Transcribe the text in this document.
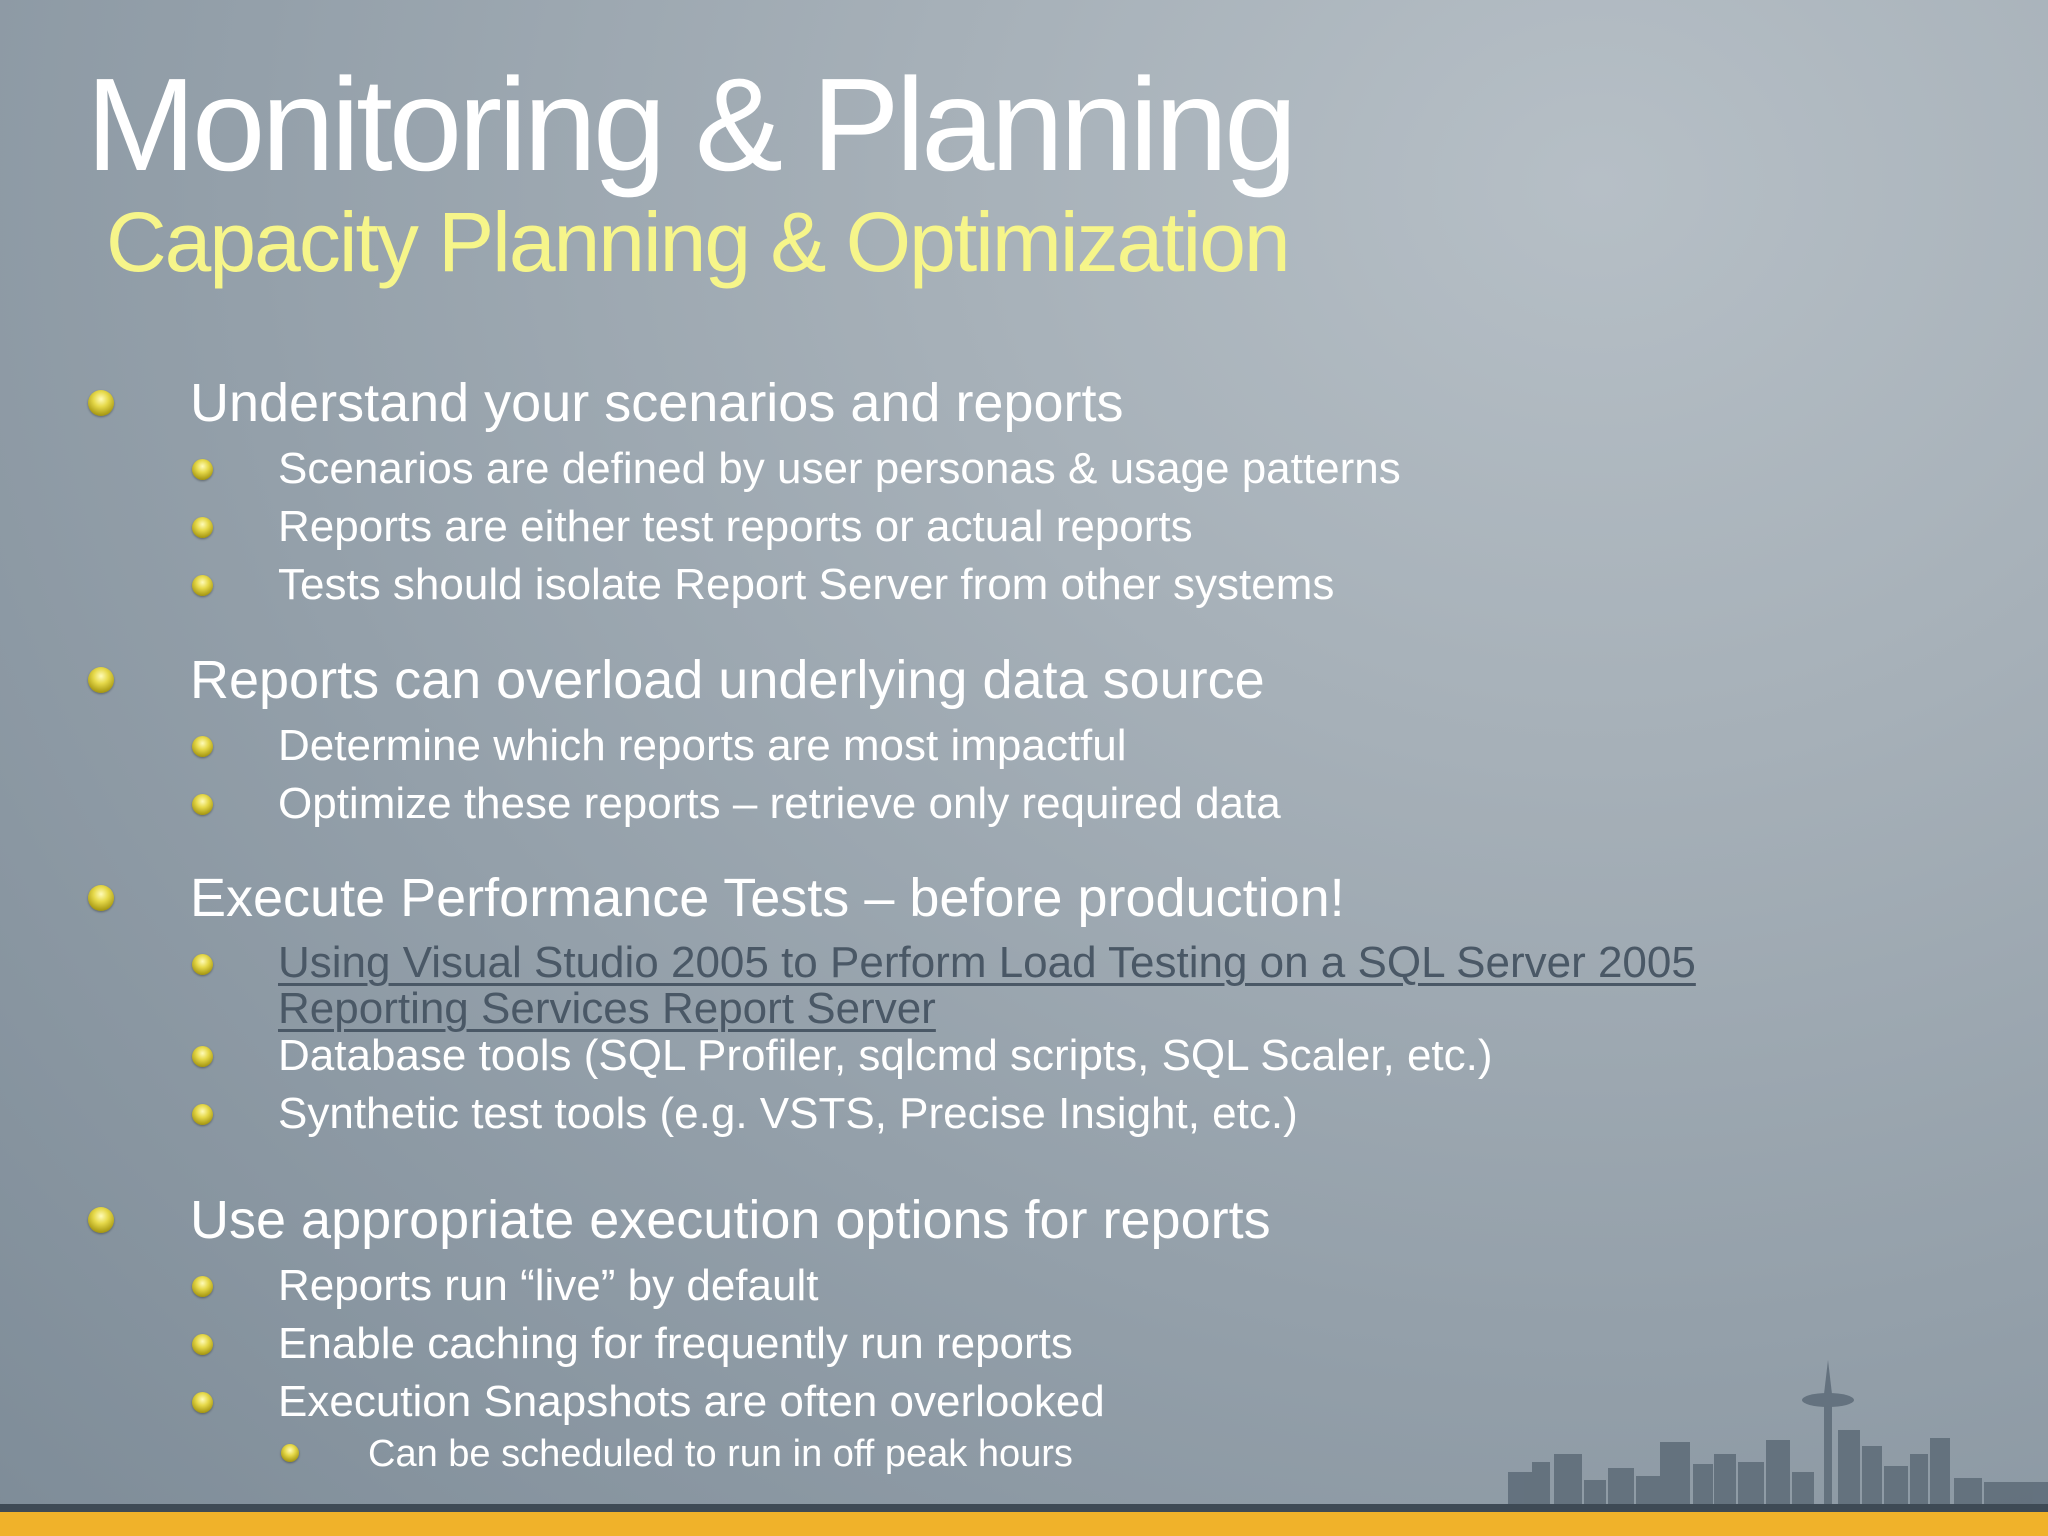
Monitoring & Planning
Capacity Planning & Optimization
Understand your scenarios and reports
Scenarios are defined by user personas & usage patterns
Reports are either test reports or actual reports
Tests should isolate Report Server from other systems
Reports can overload underlying data source
Determine which reports are most impactful
Optimize these reports – retrieve only required data
Execute Performance Tests – before production!
Using Visual Studio 2005 to Perform Load Testing on a SQL Server 2005
Reporting Services Report Server
Database tools (SQL Profiler, sqlcmd scripts, SQL Scaler, etc.)
Synthetic test tools (e.g. VSTS, Precise Insight, etc.)
Use appropriate execution options for reports
Reports run “live” by default
Enable caching for frequently run reports
Execution Snapshots are often overlooked
Can be scheduled to run in off peak hours
